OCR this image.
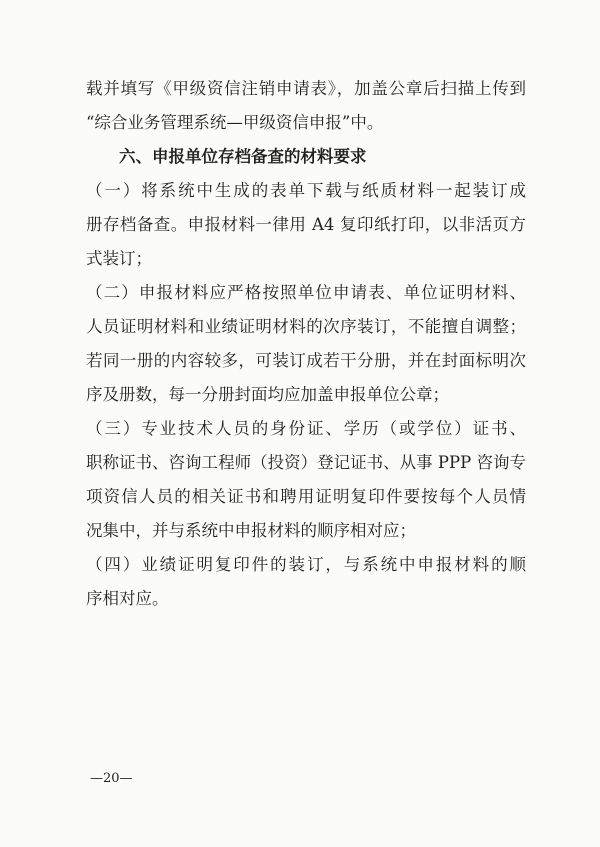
载并填写《甲级资信注销申请表》，加盖公章后扫描上传到
“综合业务管理系统—甲级资信申报”中。
六、申报单位存档备查的材料要求
（一）将系统中生成的表单下载与纸质材料一起装订成
册存档备查。申报材料一律用 A4 复印纸打印，以非活页方
式装订；
（二）申报材料应严格按照单位申请表、单位证明材料、
人员证明材料和业绩证明材料的次序装订，不能擅自调整；
若同一册的内容较多，可装订成若干分册，并在封面标明次
序及册数，每一分册封面均应加盖申报单位公章；
（三）专业技术人员的身份证、学历（或学位）证书、
职称证书、咨询工程师（投资）登记证书、从事 PPP 咨询专
项资信人员的相关证书和聘用证明复印件要按每个人员情
况集中，并与系统中申报材料的顺序相对应；
（四）业绩证明复印件的装订，与系统中申报材料的顺
序相对应。
—20—
